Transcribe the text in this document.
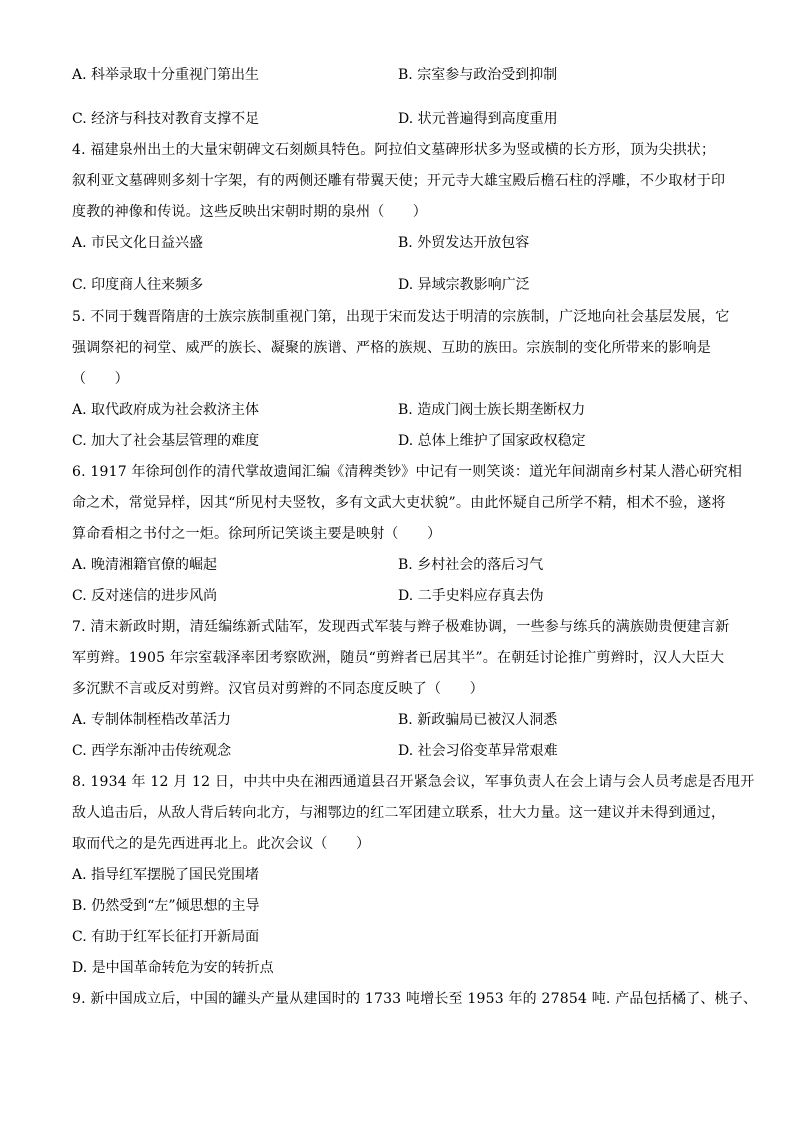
A. 科举录取十分重视门第出生	B. 宗室参与政治受到抑制
C. 经济与科技对教育支撑不足	D. 状元普遍得到高度重用
4. 福建泉州出土的大量宋朝碑文石刻颇具特色。阿拉伯文墓碑形状多为竖或横的长方形，顶为尖拱状；
叙利亚文墓碑则多刻十字架，有的两侧还雕有带翼天使；开元寺大雄宝殿后檐石柱的浮雕，不少取材于印
度教的神像和传说。这些反映出宋朝时期的泉州（　　）
A. 市民文化日益兴盛	B. 外贸发达开放包容
C. 印度商人往来频多	D. 异域宗教影响广泛
5. 不同于魏晋隋唐的士族宗族制重视门第，出现于宋而发达于明清的宗族制，广泛地向社会基层发展，它
强调祭祀的祠堂、威严的族长、凝聚的族谱、严格的族规、互助的族田。宗族制的变化所带来的影响是
（　　）
A. 取代政府成为社会救济主体	B. 造成门阀士族长期垄断权力
C. 加大了社会基层管理的难度	D. 总体上维护了国家政权稳定
6. 1917 年徐珂创作的清代掌故遗闻汇编《清稗类钞》中记有一则笑谈：道光年间湖南乡村某人潜心研究相
命之术，常觉异样，因其“所见村夫竖牧，多有文武大吏状貌”。由此怀疑自己所学不精，相术不验，遂将
算命看相之书付之一炬。徐珂所记笑谈主要是映射（　　）
A. 晚清湘籍官僚的崛起	B. 乡村社会的落后习气
C. 反对迷信的进步风尚	D. 二手史料应存真去伪
7. 清末新政时期，清廷编练新式陆军，发现西式军装与辫子极难协调，一些参与练兵的满族勋贵便建言新
军剪辫。1905 年宗室载泽率团考察欧洲，随员“剪辫者已居其半”。在朝廷讨论推广剪辫时，汉人大臣大
多沉默不言或反对剪辫。汉官员对剪辫的不同态度反映了（　　）
A. 专制体制桎梏改革活力	B. 新政骗局已被汉人洞悉
C. 西学东渐冲击传统观念	D. 社会习俗变革异常艰难
8. 1934 年 12 月 12 日，中共中央在湘西通道县召开紧急会议，军事负责人在会上请与会人员考虑是否甩开
敌人追击后，从敌人背后转向北方，与湘鄂边的红二军团建立联系，壮大力量。这一建议并未得到通过，
取而代之的是先西进再北上。此次会议（　　）
A. 指导红军摆脱了国民党围堵
B. 仍然受到“左”倾思想的主导
C. 有助于红军长征打开新局面
D. 是中国革命转危为安的转折点
9. 新中国成立后，中国的罐头产量从建国时的 1733 吨增长至 1953 年的 27854 吨. 产品包括橘了、桃子、
